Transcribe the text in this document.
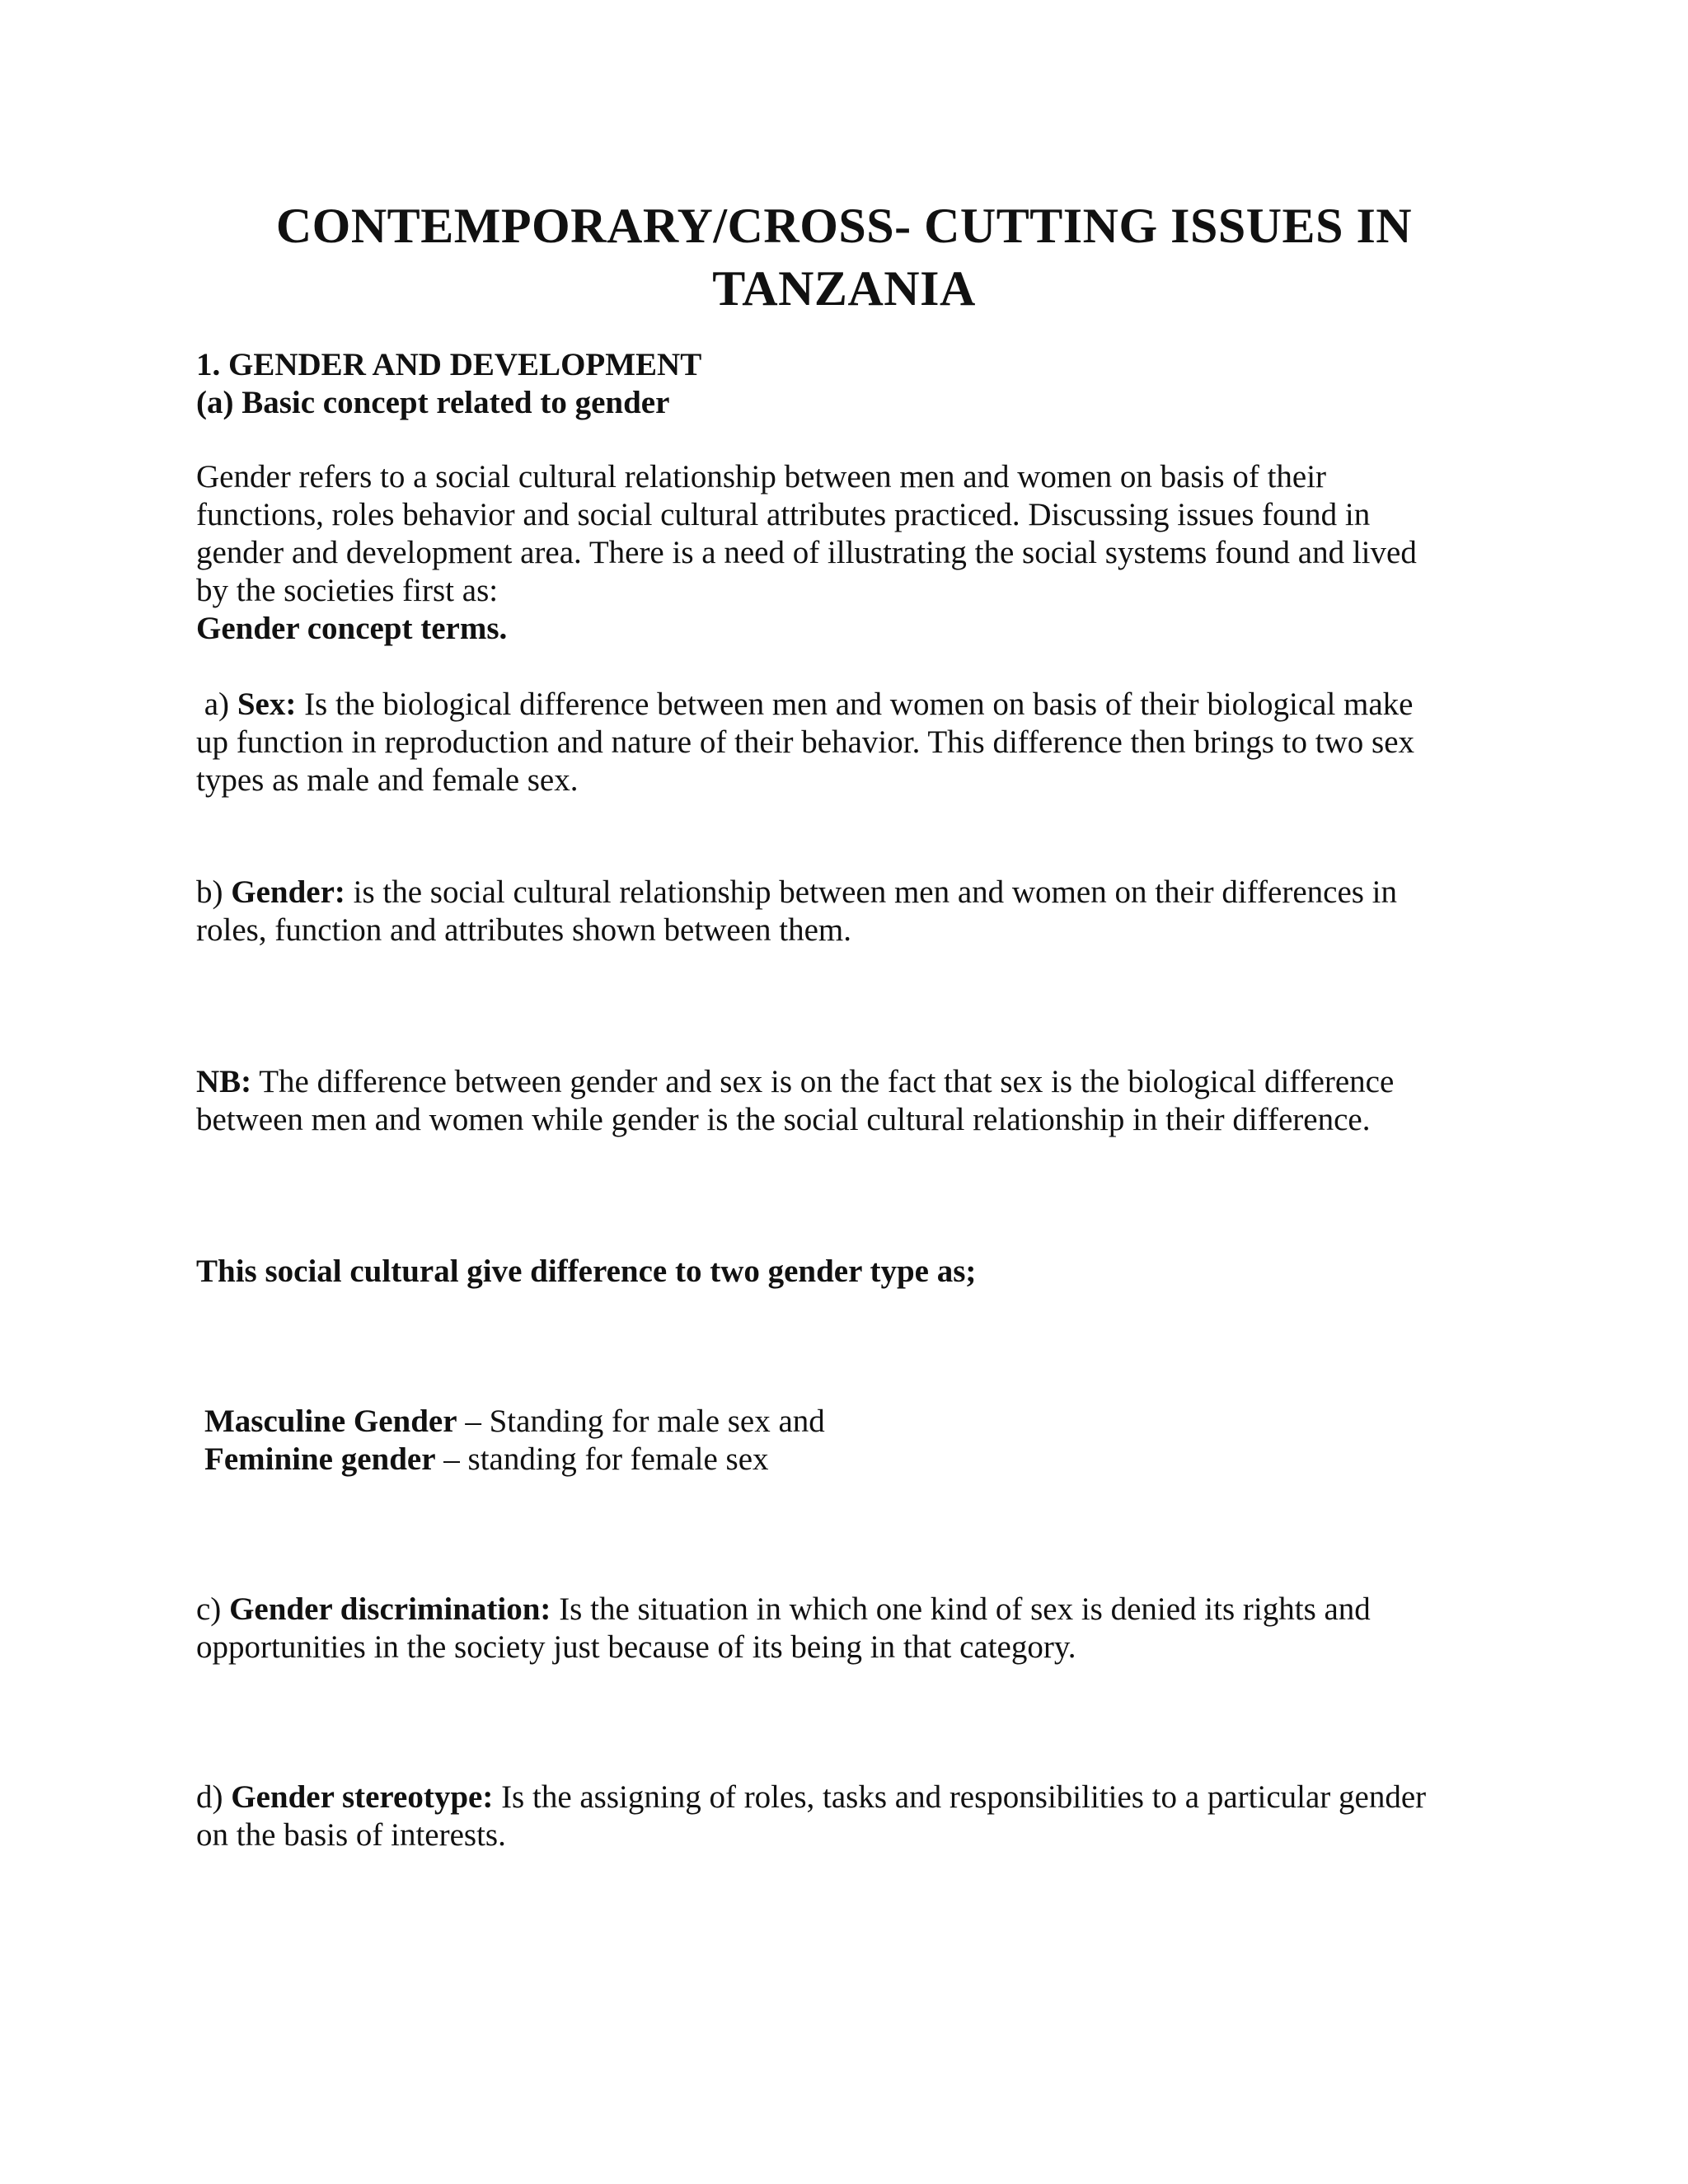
CONTEMPORARY/CROSS- CUTTING ISSUES IN
TANZANIA

1. GENDER AND DEVELOPMENT
(a) Basic concept related to gender

Gender refers to a social cultural relationship between men and women on basis of their
functions, roles behavior and social cultural attributes practiced. Discussing issues found in
gender and development area. There is a need of illustrating the social systems found and lived
by the societies first as:
Gender concept terms.

a) Sex: Is the biological difference between men and women on basis of their biological make
up function in reproduction and nature of their behavior. This difference then brings to two sex
types as male and female sex.

b) Gender: is the social cultural relationship between men and women on their differences in
roles, function and attributes shown between them.

NB: The difference between gender and sex is on the fact that sex is the biological difference
between men and women while gender is the social cultural relationship in their difference.

This social cultural give difference to two gender type as;

Masculine Gender – Standing for male sex and
Feminine gender – standing for female sex

c) Gender discrimination: Is the situation in which one kind of sex is denied its rights and
opportunities in the society just because of its being in that category.

d) Gender stereotype: Is the assigning of roles, tasks and responsibilities to a particular gender
on the basis of interests.
